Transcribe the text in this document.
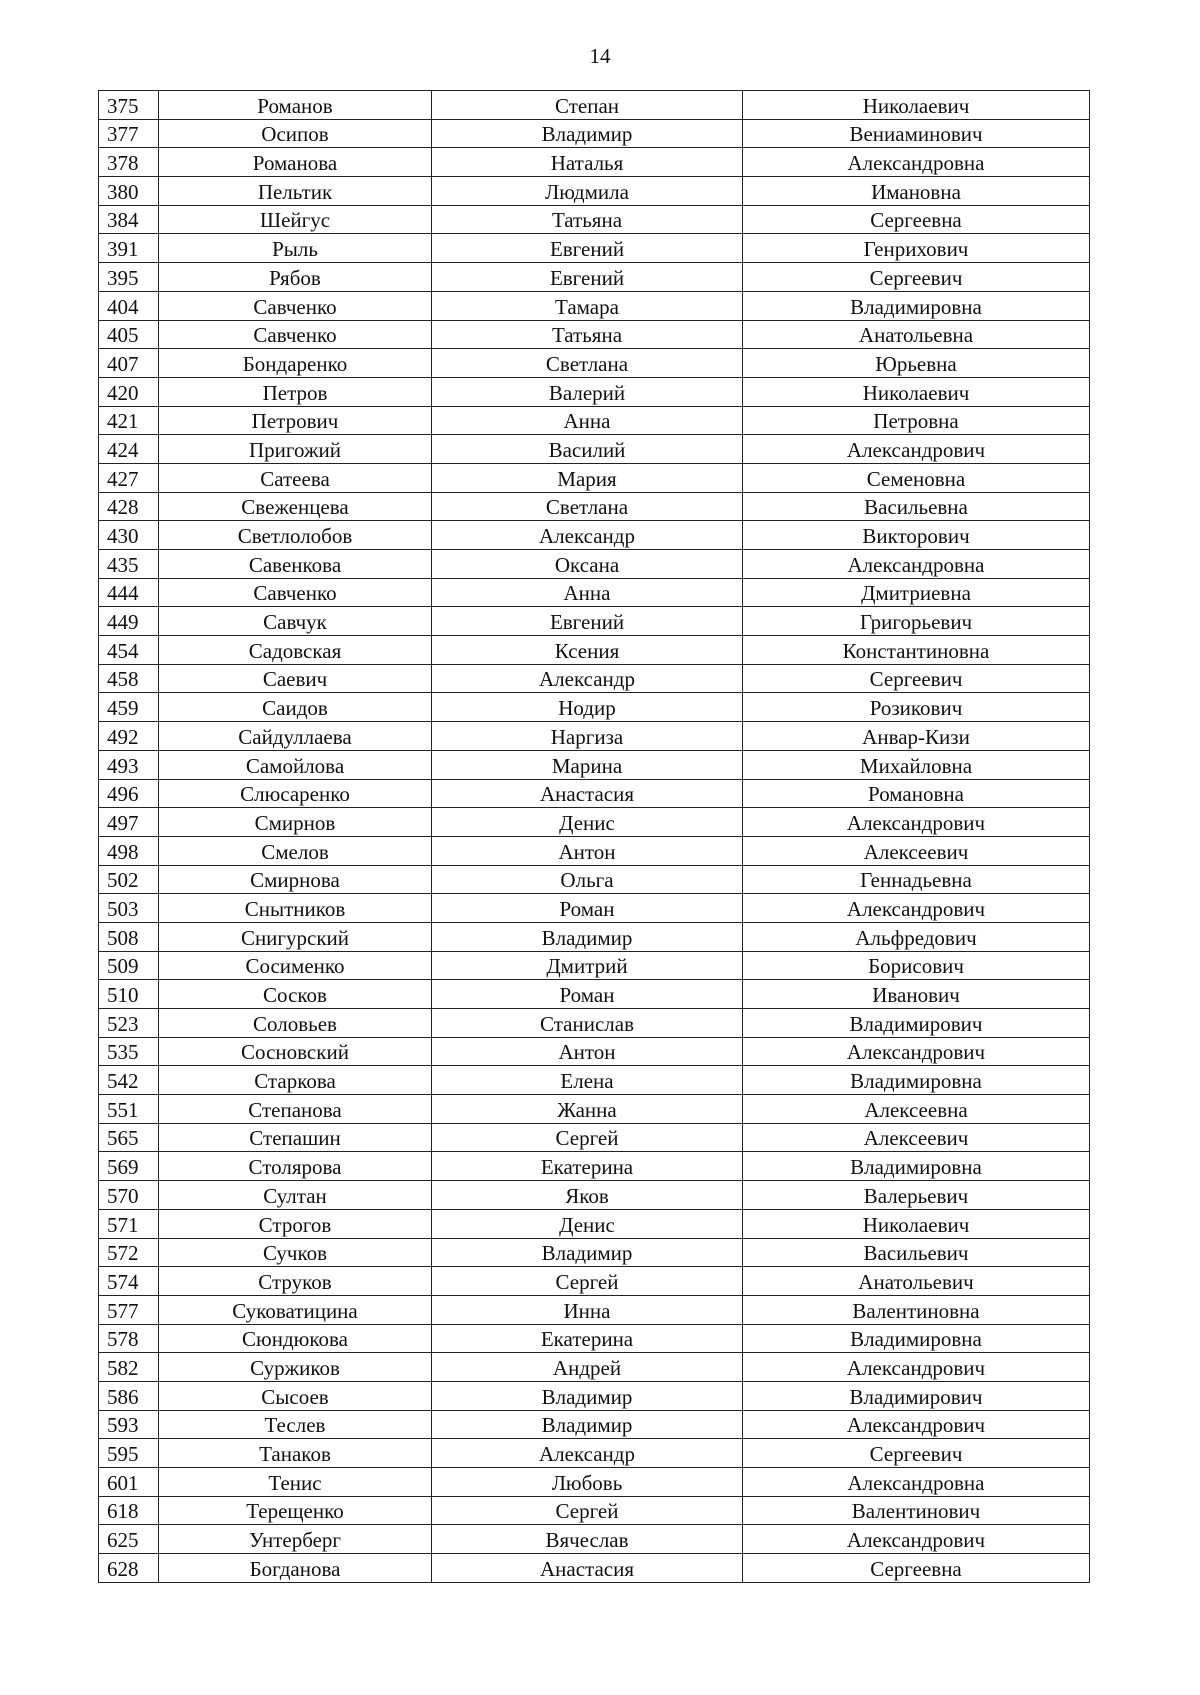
14
375	Романов	Степан	Николаевич
377	Осипов	Владимир	Вениаминович
378	Романова	Наталья	Александровна
380	Пельтик	Людмила	Имановна
384	Шейгус	Татьяна	Сергеевна
391	Рыль	Евгений	Генрихович
395	Рябов	Евгений	Сергеевич
404	Савченко	Тамара	Владимировна
405	Савченко	Татьяна	Анатольевна
407	Бондаренко	Светлана	Юрьевна
420	Петров	Валерий	Николаевич
421	Петрович	Анна	Петровна
424	Пригожий	Василий	Александрович
427	Сатеева	Мария	Семеновна
428	Свеженцева	Светлана	Васильевна
430	Светлолобов	Александр	Викторович
435	Савенкова	Оксана	Александровна
444	Савченко	Анна	Дмитриевна
449	Савчук	Евгений	Григорьевич
454	Садовская	Ксения	Константиновна
458	Саевич	Александр	Сергеевич
459	Саидов	Нодир	Розикович
492	Сайдуллаева	Наргиза	Анвар-Кизи
493	Самойлова	Марина	Михайловна
496	Слюсаренко	Анастасия	Романовна
497	Смирнов	Денис	Александрович
498	Смелов	Антон	Алексеевич
502	Смирнова	Ольга	Геннадьевна
503	Снытников	Роман	Александрович
508	Снигурский	Владимир	Альфредович
509	Сосименко	Дмитрий	Борисович
510	Сосков	Роман	Иванович
523	Соловьев	Станислав	Владимирович
535	Сосновский	Антон	Александрович
542	Старкова	Елена	Владимировна
551	Степанова	Жанна	Алексеевна
565	Степашин	Сергей	Алексеевич
569	Столярова	Екатерина	Владимировна
570	Султан	Яков	Валерьевич
571	Строгов	Денис	Николаевич
572	Сучков	Владимир	Васильевич
574	Струков	Сергей	Анатольевич
577	Суковатицина	Инна	Валентиновна
578	Сюндюкова	Екатерина	Владимировна
582	Суржиков	Андрей	Александрович
586	Сысоев	Владимир	Владимирович
593	Теслев	Владимир	Александрович
595	Танаков	Александр	Сергеевич
601	Тенис	Любовь	Александровна
618	Терещенко	Сергей	Валентинович
625	Унтерберг	Вячеслав	Александрович
628	Богданова	Анастасия	Сергеевна
